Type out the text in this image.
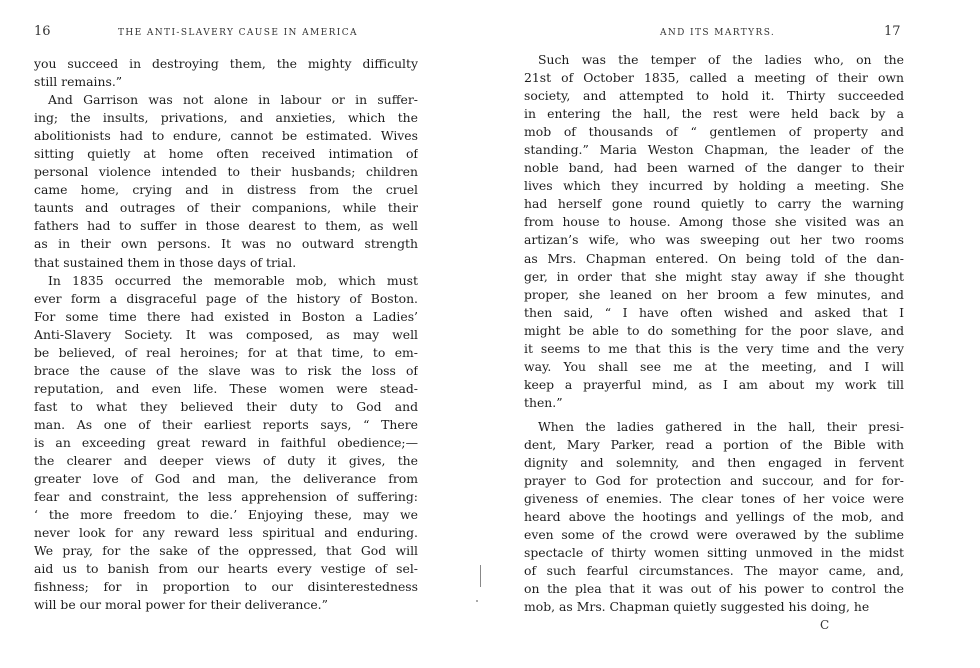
16	THE ANTI-SLAVERY CAUSE IN AMERICA
you succeed in destroying them, the mighty difficulty
still remains.”
And Garrison was not alone in labour or in suffer-
ing; the insults, privations, and anxieties, which the
abolitionists had to endure, cannot be estimated. Wives
sitting quietly at home often received intimation of
personal violence intended to their husbands; children
came home, crying and in distress from the cruel
taunts and outrages of their companions, while their
fathers had to suffer in those dearest to them, as well
as in their own persons. It was no outward strength
that sustained them in those days of trial.
In 1835 occurred the memorable mob, which must
ever form a disgraceful page of the history of Boston.
For some time there had existed in Boston a Ladies’
Anti-Slavery Society. It was composed, as may well
be believed, of real heroines; for at that time, to em-
brace the cause of the slave was to risk the loss of
reputation, and even life. These women were stead-
fast to what they believed their duty to God and
man. As one of their earliest reports says, “ There
is an exceeding great reward in faithful obedience;—
the clearer and deeper views of duty it gives, the
greater love of God and man, the deliverance from
fear and constraint, the less apprehension of suffering:
‘ the more freedom to die.’ Enjoying these, may we
never look for any reward less spiritual and enduring.
We pray, for the sake of the oppressed, that God will
aid us to banish from our hearts every vestige of sel-
fishness; for in proportion to our disinterestedness
will be our moral power for their deliverance.”
AND ITS MARTYRS.	17
Such was the temper of the ladies who, on the
21st of October 1835, called a meeting of their own
society, and attempted to hold it. Thirty succeeded
in entering the hall, the rest were held back by a
mob of thousands of “ gentlemen of property and
standing.” Maria Weston Chapman, the leader of the
noble band, had been warned of the danger to their
lives which they incurred by holding a meeting. She
had herself gone round quietly to carry the warning
from house to house. Among those she visited was an
artizan’s wife, who was sweeping out her two rooms
as Mrs. Chapman entered. On being told of the dan-
ger, in order that she might stay away if she thought
proper, she leaned on her broom a few minutes, and
then said, “ I have often wished and asked that I
might be able to do something for the poor slave, and
it seems to me that this is the very time and the very
way. You shall see me at the meeting, and I will
keep a prayerful mind, as I am about my work till
then.”
When the ladies gathered in the hall, their presi-
dent, Mary Parker, read a portion of the Bible with
dignity and solemnity, and then engaged in fervent
prayer to God for protection and succour, and for for-
giveness of enemies. The clear tones of her voice were
heard above the hootings and yellings of the mob, and
even some of the crowd were overawed by the sublime
spectacle of thirty women sitting unmoved in the midst
of such fearful circumstances. The mayor came, and,
on the plea that it was out of his power to control the
mob, as Mrs. Chapman quietly suggested his doing, he
C
